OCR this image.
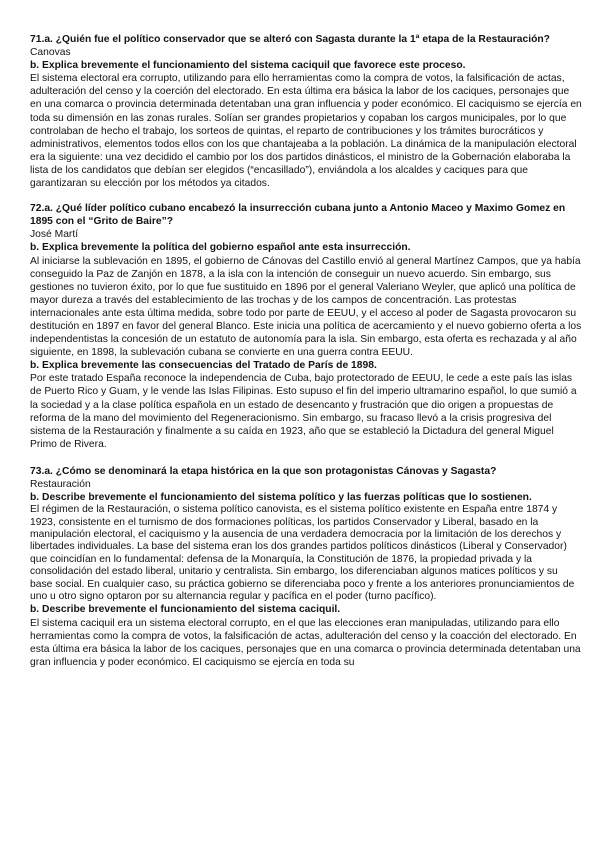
71.a. ¿Quién fue el político conservador que se alteró con Sagasta durante la 1ª etapa de la Restauración?

Canovas

b. Explica brevemente el funcionamiento del sistema caciquil que favorece este proceso.

El sistema electoral era corrupto, utilizando para ello herramientas como la compra de votos, la falsificación de actas, adulteración del censo y la coerción del electorado. En esta última era básica la labor de los caciques, personajes que en una comarca o provincia determinada detentaban una gran influencia y poder económico. El caciquismo se ejercía en toda su dimensión en las zonas rurales. Solían ser grandes propietarios y copaban los cargos municipales, por lo que controlaban de hecho el trabajo, los sorteos de quintas, el reparto de contribuciones y los trámites burocráticos y administrativos, elementos todos ellos con los que chantajeaba a la población. La dinámica de la manipulación electoral era la siguiente: una vez decidido el cambio por los dos partidos dinásticos, el ministro de la Gobernación elaboraba la lista de los candidatos que debían ser elegidos (“encasillado”), enviándola a los alcaldes y caciques para que garantizaran su elección por los métodos ya citados.

72.a. ¿Qué líder político cubano encabezó la insurrección cubana junto a Antonio Maceo y Maximo Gomez en 1895 con el “Grito de Baire”?

José Martí

b. Explica brevemente la política del gobierno español ante esta insurrección.

Al iniciarse la sublevación en 1895, el gobierno de Cánovas del Castillo envió al general Martínez Campos, que ya había conseguido la Paz de Zanjón en 1878, a la isla con la intención de conseguir un nuevo acuerdo. Sin embargo, sus gestiones no tuvieron éxito, por lo que fue sustituido en 1896 por el general Valeriano Weyler, que aplicó una política de mayor dureza a través del establecimiento de las trochas y de los campos de concentración. Las protestas internacionales ante esta última medida, sobre todo por parte de EEUU, y el acceso al poder de Sagasta provocaron su destitución en 1897 en favor del general Blanco. Este inicia una política de acercamiento y el nuevo gobierno oferta a los independentistas la concesión de un estatuto de autonomía para la isla. Sin embargo, esta oferta es rechazada y al año siguiente, en 1898, la sublevación cubana se convierte en una guerra contra EEUU.

b. Explica brevemente las consecuencias del Tratado de París de 1898.

Por este tratado España reconoce la independencia de Cuba, bajo protectorado de EEUU, le cede a este país las islas de Puerto Rico y Guam, y le vende las Islas Filipinas. Esto supuso el fin del imperio ultramarino español, lo que sumió a la sociedad y a la clase política española en un estado de desencanto y frustración que dio origen a propuestas de reforma de la mano del movimiento del Regeneracionismo. Sin embargo, su fracaso llevó a la crisis progresiva del sistema de la Restauración y finalmente a su caída en 1923, año que se estableció la Dictadura del general Miguel Primo de Rivera.

73.a. ¿Cómo se denominará la etapa histórica en la que son protagonistas Cánovas y Sagasta?

Restauración

b. Describe brevemente el funcionamiento del sistema político y las fuerzas políticas que lo sostienen.

El régimen de la Restauración, o sistema político canovista, es el sistema político existente en España entre 1874 y 1923, consistente en el turnismo de dos formaciones políticas, los partidos Conservador y Liberal, basado en la manipulación electoral, el caciquismo y la ausencia de una verdadera democracia por la limitación de los derechos y libertades individuales. La base del sistema eran los dos grandes partidos políticos dinásticos (Liberal y Conservador) que coincidían en lo fundamental: defensa de la Monarquía, la Constitución de 1876, la propiedad privada y la consolidación del estado liberal, unitario y centralista. Sin embargo, los diferenciaban algunos matices políticos y su base social. En cualquier caso, su práctica gobierno se diferenciaba poco y frente a los anteriores pronunciamientos de uno u otro signo optaron por su alternancia regular y pacífica en el poder (turno pacífico).

b. Describe brevemente el funcionamiento del sistema caciquil.

El sistema caciquil era un sistema electoral corrupto, en el que las elecciones eran manipuladas, utilizando para ello herramientas como la compra de votos, la falsificación de actas, adulteración del censo y la coacción del electorado. En esta última era básica la labor de los caciques, personajes que en una comarca o provincia determinada detentaban una gran influencia y poder económico. El caciquismo se ejercía en toda su
